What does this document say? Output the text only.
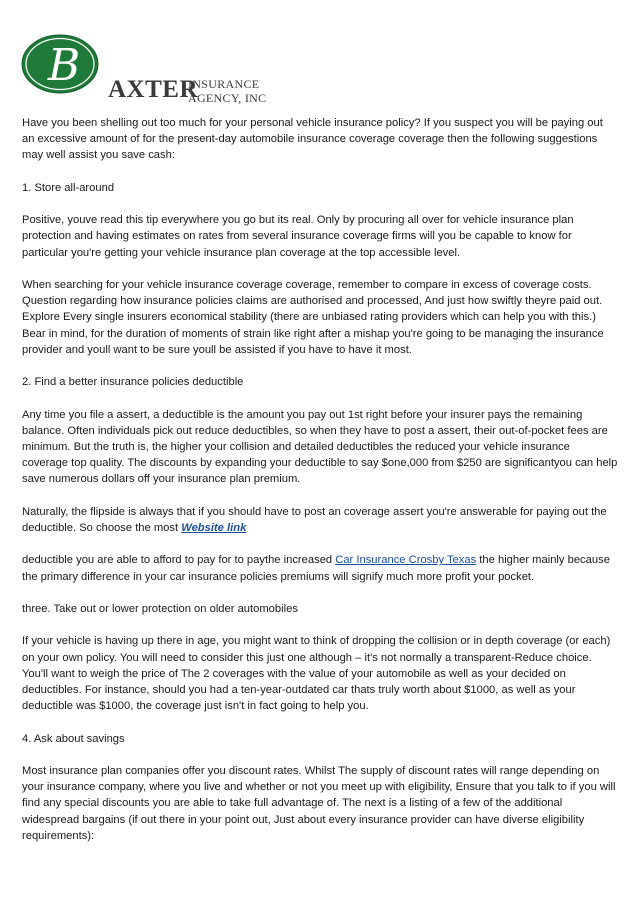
B AXTER
INSURANCE
AGENCY, INC

Have you been shelling out too much for your personal vehicle insurance policy? If you suspect you will be paying out an excessive amount of for the present-day automobile insurance coverage coverage then the following suggestions may well assist you save cash:

1. Store all-around

Positive, youve read this tip everywhere you go but its real. Only by procuring all over for vehicle insurance plan protection and having estimates on rates from several insurance coverage firms will you be capable to know for particular you're getting your vehicle insurance plan coverage at the top accessible level.

When searching for your vehicle insurance coverage coverage, remember to compare in excess of coverage costs. Question regarding how insurance policies claims are authorised and processed, And just how swiftly theyre paid out. Explore Every single insurers economical stability (there are unbiased rating providers which can help you with this.) Bear in mind, for the duration of moments of strain like right after a mishap you're going to be managing the insurance provider and youll want to be sure youll be assisted if you have to have it most.

2. Find a better insurance policies deductible

Any time you file a assert, a deductible is the amount you pay out 1st right before your insurer pays the remaining balance. Often individuals pick out reduce deductibles, so when they have to post a assert, their out-of-pocket fees are minimum. But the truth is, the higher your collision and detailed deductibles the reduced your vehicle insurance coverage top quality. The discounts by expanding your deductible to say $one,000 from $250 are significantyou can help save numerous dollars off your insurance plan premium.

Naturally, the flipside is always that if you should have to post an coverage assert you're answerable for paying out the deductible. So choose the most Website link

deductible you are able to afford to pay for to paythe increased Car Insurance Crosby Texas the higher mainly because the primary difference in your car insurance policies premiums will signify much more profit your pocket.

three. Take out or lower protection on older automobiles

If your vehicle is having up there in age, you might want to think of dropping the collision or in depth coverage (or each) on your own policy. You will need to consider this just one although – it's not normally a transparent-Reduce choice. You'll want to weigh the price of The 2 coverages with the value of your automobile as well as your decided on deductibles. For instance, should you had a ten-year-outdated car thats truly worth about $1000, as well as your deductible was $1000, the coverage just isn't in fact going to help you.

4. Ask about savings

Most insurance plan companies offer you discount rates. Whilst The supply of discount rates will range depending on your insurance company, where you live and whether or not you meet up with eligibility, Ensure that you talk to if you will find any special discounts you are able to take full advantage of. The next is a listing of a few of the additional widespread bargains (if out there in your point out, Just about every insurance provider can have diverse eligibility requirements):
